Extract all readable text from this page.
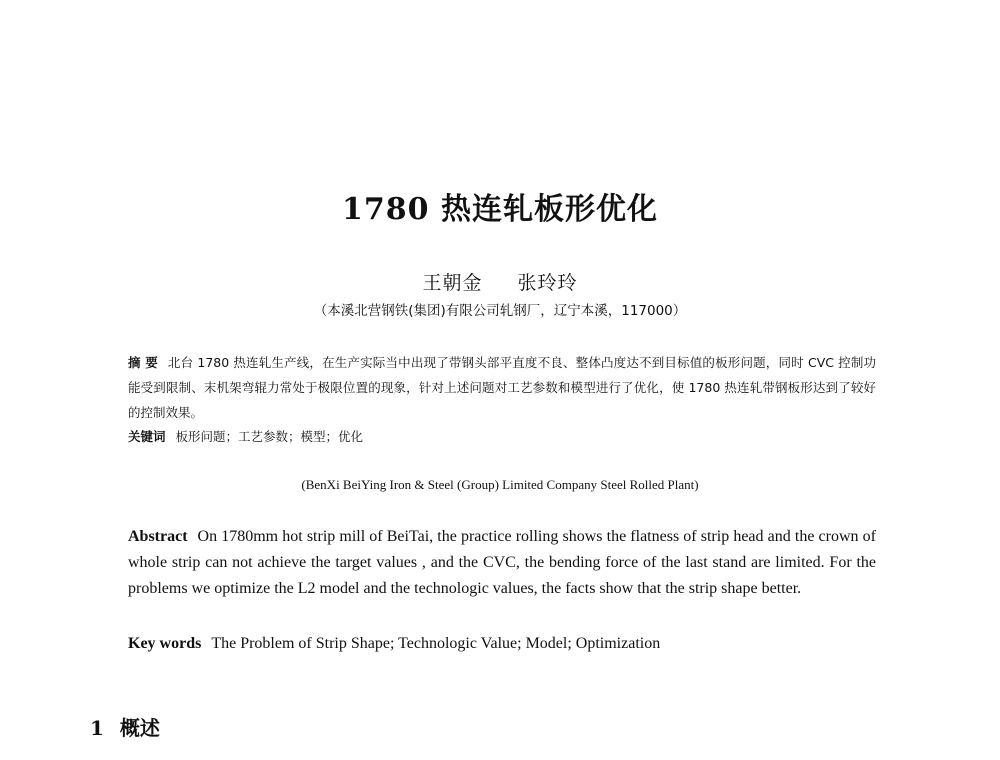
1780 热连轧板形优化
王朝金 张玲玲
（本溪北营钢铁(集团)有限公司轧钢厂，辽宁本溪，117000）
摘 要 北台 1780 热连轧生产线，在生产实际当中出现了带钢头部平直度不良、整体凸度达不到目标值的板形问题，同时 CVC 控制功能受到限制、末机架弯辊力常处于极限位置的现象，针对上述问题对工艺参数和模型进行了优化，使 1780 热连轧带钢板形达到了较好的控制效果。
关键词 板形问题；工艺参数；模型；优化
(BenXi BeiYing Iron & Steel (Group) Limited Company Steel Rolled Plant)
Abstract On 1780mm hot strip mill of BeiTai, the practice rolling shows the flatness of strip head and the crown of whole strip can not achieve the target values , and the CVC, the bending force of the last stand are limited. For the problems we optimize the L2 model and the technologic values, the facts show that the strip shape better.
Key words The Problem of Strip Shape; Technologic Value; Model; Optimization
1 概述
